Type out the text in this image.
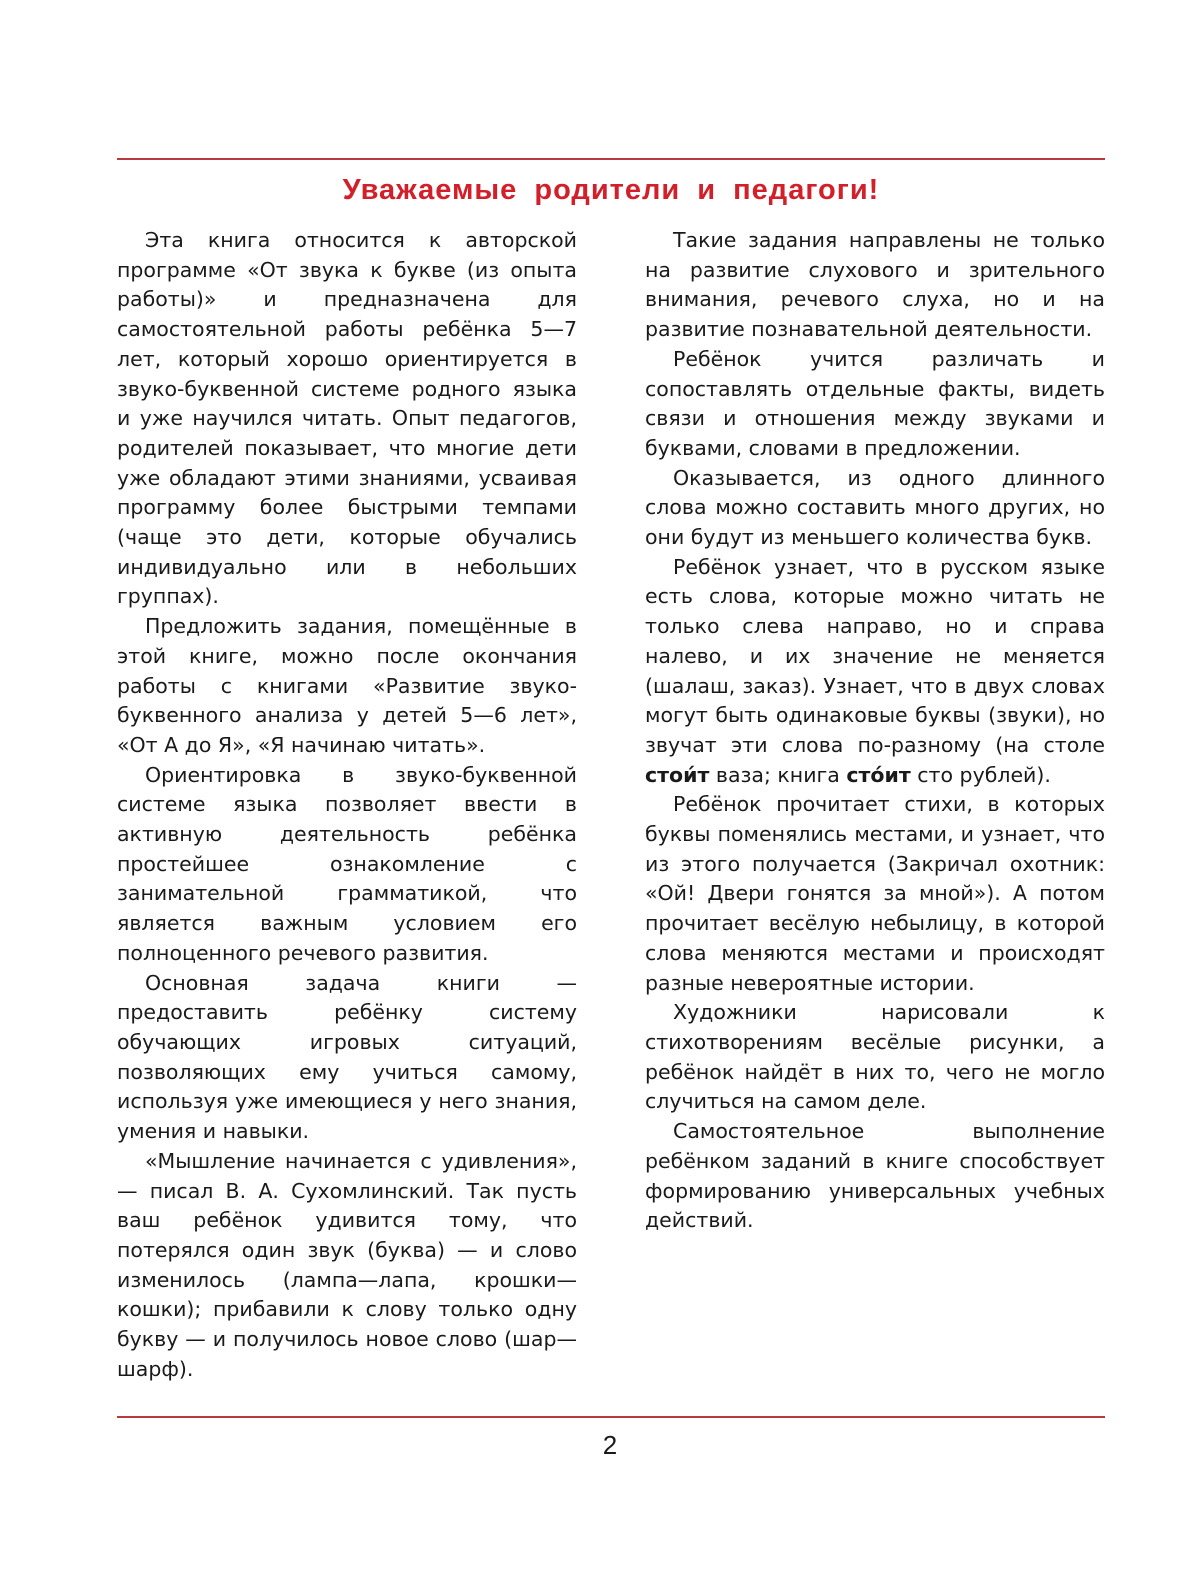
Уважаемые родители и педагоги!

Эта книга относится к авторской программе «От звука к букве (из опыта работы)» и предназначена для самостоятельной работы ребёнка 5—7 лет, который хорошо ориентируется в звуко-буквенной системе родного языка и уже научился читать. Опыт педагогов, родителей показывает, что многие дети уже обладают этими знаниями, усваивая программу более быстрыми темпами (чаще это дети, которые обучались индивидуально или в небольших группах).

Предложить задания, помещённые в этой книге, можно после окончания работы с книгами «Развитие звуко-буквенного анализа у детей 5—6 лет», «От А до Я», «Я начинаю читать».

Ориентировка в звуко-буквенной системе языка позволяет ввести в активную деятельность ребёнка простейшее ознакомление с занимательной грамматикой, что является важным условием его полноценного речевого развития.

Основная задача книги — предоставить ребёнку систему обучающих игровых ситуаций, позволяющих ему учиться самому, используя уже имеющиеся у него знания, умения и навыки.

«Мышление начинается с удивления», — писал В. А. Сухомлинский. Так пусть ваш ребёнок удивится тому, что потерялся один звук (буква) — и слово изменилось (лампа—лапа, крошки—кошки); прибавили к слову только одну букву — и получилось новое слово (шар—шарф).

Такие задания направлены не только на развитие слухового и зрительного внимания, речевого слуха, но и на развитие познавательной деятельности.

Ребёнок учится различать и сопоставлять отдельные факты, видеть связи и отношения между звуками и буквами, словами в предложении.

Оказывается, из одного длинного слова можно составить много других, но они будут из меньшего количества букв.

Ребёнок узнает, что в русском языке есть слова, которые можно читать не только слева направо, но и справа налево, и их значение не меняется (шалаш, заказ). Узнает, что в двух словах могут быть одинаковые буквы (звуки), но звучат эти слова по-разному (на столе стои́т ваза; книга сто́ит сто рублей).

Ребёнок прочитает стихи, в которых буквы поменялись местами, и узнает, что из этого получается (Закричал охотник: «Ой! Двери гонятся за мной»). А потом прочитает весёлую небылицу, в которой слова меняются местами и происходят разные невероятные истории.

Художники нарисовали к стихотворениям весёлые рисунки, а ребёнок найдёт в них то, чего не могло случиться на самом деле.

Самостоятельное выполнение ребёнком заданий в книге способствует формированию универсальных учебных действий.

2
